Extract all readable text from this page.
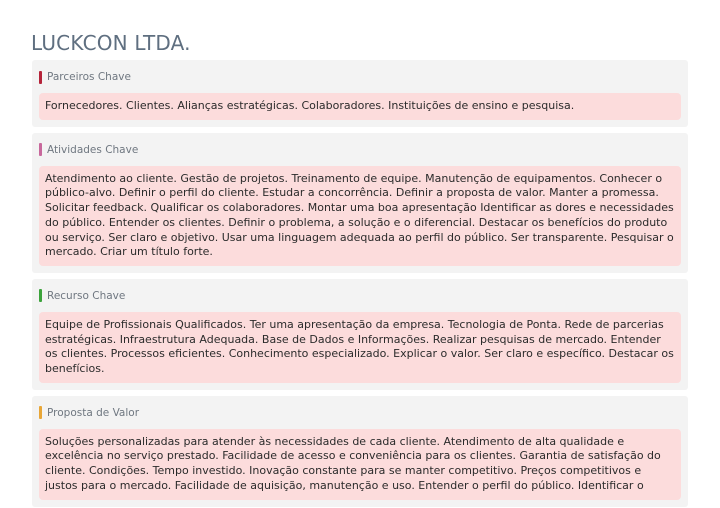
LUCKCON LTDA.
Parceiros Chave
Fornecedores. Clientes. Alianças estratégicas. Colaboradores. Instituições de ensino e pesquisa.
Atividades Chave
Atendimento ao cliente. Gestão de projetos. Treinamento de equipe. Manutenção de equipamentos. Conhecer o público-alvo. Definir o perfil do cliente. Estudar a concorrência. Definir a proposta de valor. Manter a promessa. Solicitar feedback. Qualificar os colaboradores. Montar uma boa apresentação Identificar as dores e necessidades do público. Entender os clientes. Definir o problema, a solução e o diferencial. Destacar os benefícios do produto ou serviço. Ser claro e objetivo. Usar uma linguagem adequada ao perfil do público. Ser transparente. Pesquisar o mercado. Criar um título forte.
Recurso Chave
Equipe de Profissionais Qualificados. Ter uma apresentação da empresa. Tecnologia de Ponta. Rede de parcerias estratégicas. Infraestrutura Adequada. Base de Dados e Informações. Realizar pesquisas de mercado. Entender os clientes. Processos eficientes. Conhecimento especializado. Explicar o valor. Ser claro e específico. Destacar os benefícios.
Proposta de Valor
Soluções personalizadas para atender às necessidades de cada cliente. Atendimento de alta qualidade e excelência no serviço prestado. Facilidade de acesso e conveniência para os clientes. Garantia de satisfação do cliente. Condições. Tempo investido. Inovação constante para se manter competitivo. Preços competitivos e justos para o mercado. Facilidade de aquisição, manutenção e uso. Entender o perfil do público. Identificar o
